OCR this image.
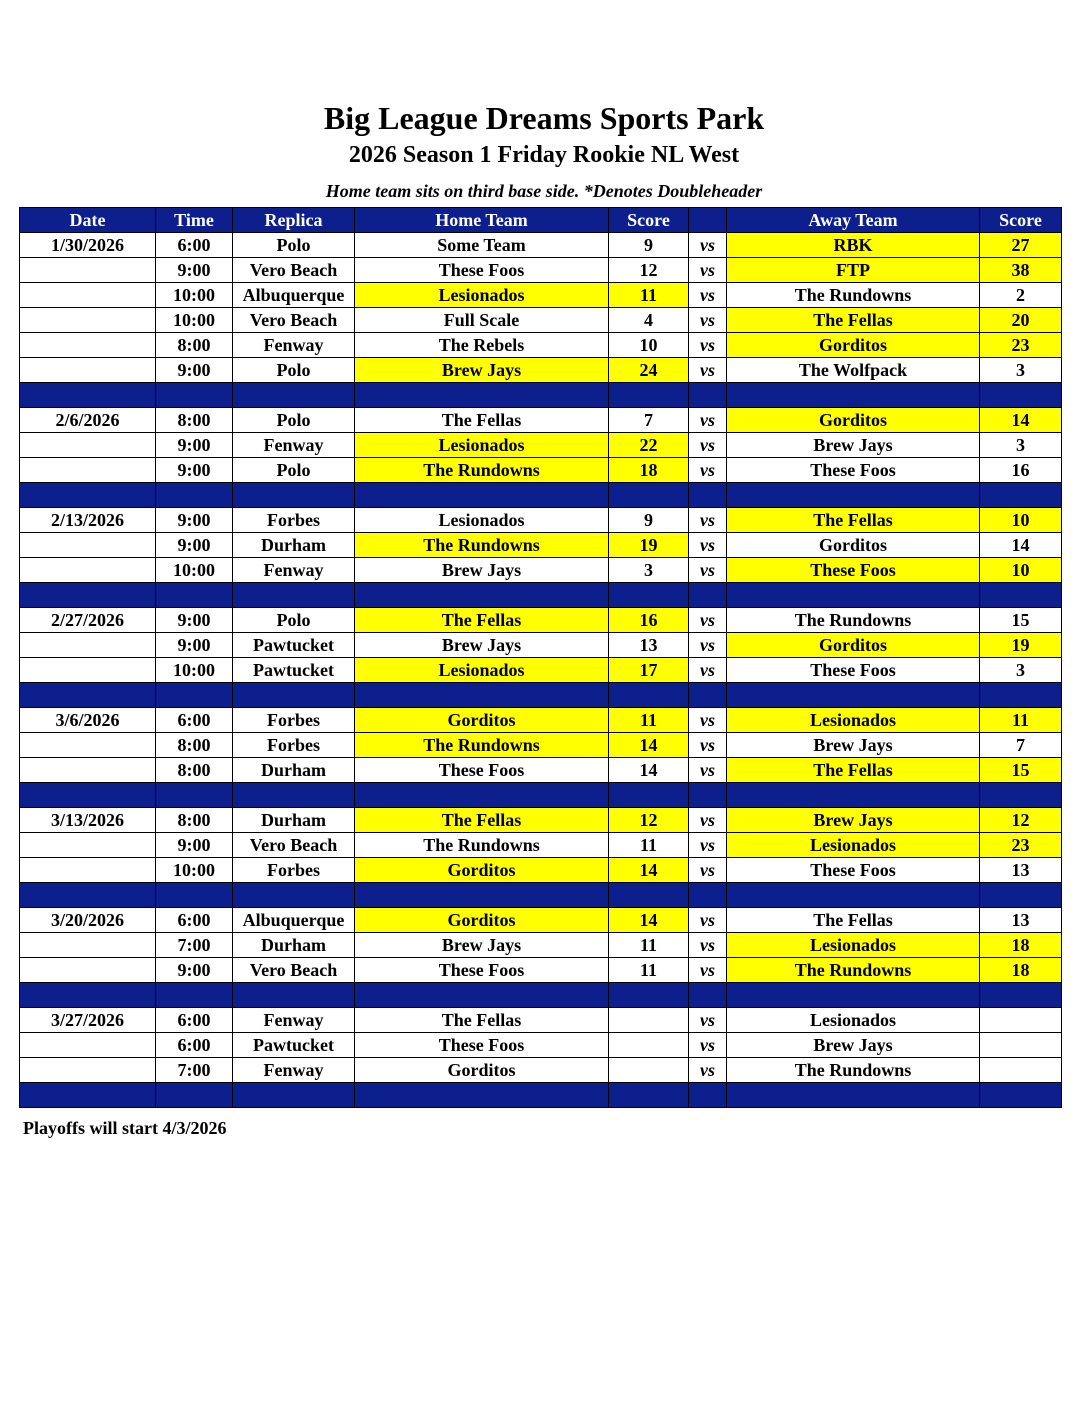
Big League Dreams Sports Park
2026 Season 1 Friday Rookie NL West
Home team sits on third base side. *Denotes Doubleheader
Date	Time	Replica	Home Team	Score		Away Team	Score
1/30/2026	6:00	Polo	Some Team	9	vs	RBK	27
	9:00	Vero Beach	These Foos	12	vs	FTP	38
	10:00	Albuquerque	Lesionados	11	vs	The Rundowns	2
	10:00	Vero Beach	Full Scale	4	vs	The Fellas	20
	8:00	Fenway	The Rebels	10	vs	Gorditos	23
	9:00	Polo	Brew Jays	24	vs	The Wolfpack	3

2/6/2026	8:00	Polo	The Fellas	7	vs	Gorditos	14
	9:00	Fenway	Lesionados	22	vs	Brew Jays	3
	9:00	Polo	The Rundowns	18	vs	These Foos	16

2/13/2026	9:00	Forbes	Lesionados	9	vs	The Fellas	10
	9:00	Durham	The Rundowns	19	vs	Gorditos	14
	10:00	Fenway	Brew Jays	3	vs	These Foos	10

2/27/2026	9:00	Polo	The Fellas	16	vs	The Rundowns	15
	9:00	Pawtucket	Brew Jays	13	vs	Gorditos	19
	10:00	Pawtucket	Lesionados	17	vs	These Foos	3

3/6/2026	6:00	Forbes	Gorditos	11	vs	Lesionados	11
	8:00	Forbes	The Rundowns	14	vs	Brew Jays	7
	8:00	Durham	These Foos	14	vs	The Fellas	15

3/13/2026	8:00	Durham	The Fellas	12	vs	Brew Jays	12
	9:00	Vero Beach	The Rundowns	11	vs	Lesionados	23
	10:00	Forbes	Gorditos	14	vs	These Foos	13

3/20/2026	6:00	Albuquerque	Gorditos	14	vs	The Fellas	13
	7:00	Durham	Brew Jays	11	vs	Lesionados	18
	9:00	Vero Beach	These Foos	11	vs	The Rundowns	18

3/27/2026	6:00	Fenway	The Fellas		vs	Lesionados	
	6:00	Pawtucket	These Foos		vs	Brew Jays	
	7:00	Fenway	Gorditos		vs	The Rundowns	

Playoffs will start 4/3/2026
